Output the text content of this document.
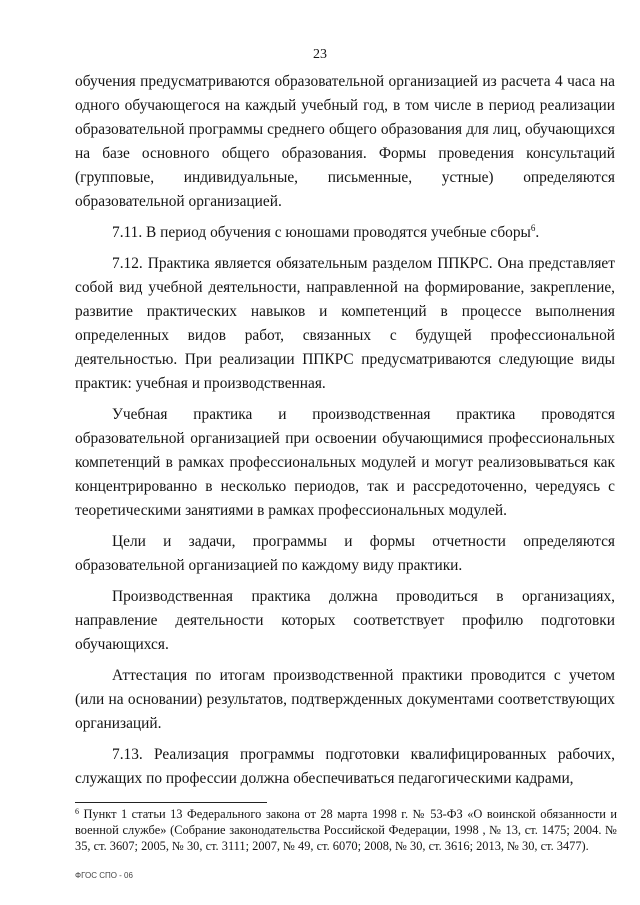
23

обучения предусматриваются образовательной организацией из расчета 4 часа на одного обучающегося на каждый учебный год, в том числе в период реализации образовательной программы среднего общего образования для лиц, обучающихся на базе основного общего образования. Формы проведения консультаций (групповые, индивидуальные, письменные, устные) определяются образовательной организацией.

7.11. В период обучения с юношами проводятся учебные сборы$^6$.

7.12. Практика является обязательным разделом ППКРС. Она представляет собой вид учебной деятельности, направленной на формирование, закрепление, развитие практических навыков и компетенций в процессе выполнения определенных видов работ, связанных с будущей профессиональной деятельностью. При реализации ППКРС предусматриваются следующие виды практик: учебная и производственная.

Учебная практика и производственная практика проводятся образовательной организацией при освоении обучающимися профессиональных компетенций в рамках профессиональных модулей и могут реализовываться как концентрированно в несколько периодов, так и рассредоточенно, чередуясь с теоретическими занятиями в рамках профессиональных модулей.

Цели и задачи, программы и формы отчетности определяются образовательной организацией по каждому виду практики.

Производственная практика должна проводиться в организациях, направление деятельности которых соответствует профилю подготовки обучающихся.

Аттестация по итогам производственной практики проводится с учетом (или на основании) результатов, подтвержденных документами соответствующих организаций.

7.13. Реализация программы подготовки квалифицированных рабочих, служащих по профессии должна обеспечиваться педагогическими кадрами,

$^6$ Пункт 1 статьи 13 Федерального закона от 28 марта 1998 г. № 53-ФЗ «О воинской обязанности и военной службе» (Собрание законодательства Российской Федерации, 1998 , № 13, ст. 1475; 2004. № 35, ст. 3607; 2005, № 30, ст. 3111; 2007, № 49, ст. 6070; 2008, № 30, ст. 3616; 2013, № 30, ст. 3477).
ФГОС СПО - 06
